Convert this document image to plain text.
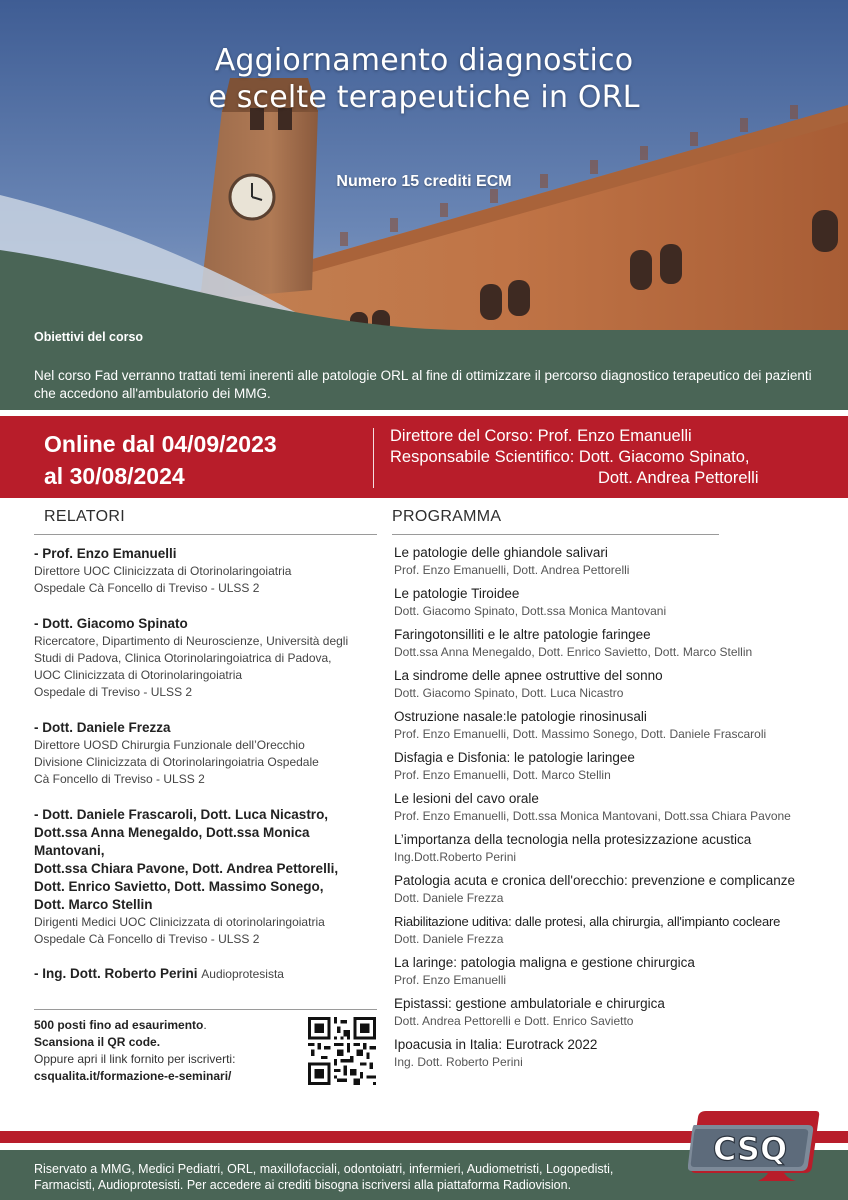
Aggiornamento diagnostico
e scelte terapeutiche in ORL
Numero 15 crediti ECM
Obiettivi del corso
Nel corso Fad verranno trattati temi inerenti alle patologie ORL al fine di ottimizzare il percorso diagnostico terapeutico dei pazienti che accedono all'ambulatorio dei MMG.
Online dal 04/09/2023
al 30/08/2024
Direttore del Corso: Prof. Enzo Emanuelli
Responsabile Scientifico: Dott. Giacomo Spinato,
Dott. Andrea Pettorelli
RELATORI	PROGRAMMA
- Prof. Enzo Emanuelli
Direttore UOC Clinicizzata di Otorinolaringoiatria
Ospedale Cà Foncello di Treviso - ULSS 2
- Dott. Giacomo Spinato
Ricercatore, Dipartimento di Neuroscienze, Università degli
Studi di Padova, Clinica Otorinolaringoiatrica di Padova,
UOC Clinicizzata di Otorinolaringoiatria
Ospedale di Treviso - ULSS 2
- Dott. Daniele Frezza
Direttore UOSD Chirurgia Funzionale dell’Orecchio
Divisione Clinicizzata di Otorinolaringoiatria Ospedale
Cà Foncello di Treviso - ULSS 2
- Dott. Daniele Frascaroli, Dott. Luca Nicastro,
Dott.ssa Anna Menegaldo, Dott.ssa Monica Mantovani,
Dott.ssa Chiara Pavone, Dott. Andrea Pettorelli,
Dott. Enrico Savietto, Dott. Massimo Sonego,
Dott. Marco Stellin
Dirigenti Medici UOC Clinicizzata di otorinolaringoiatria
Ospedale Cà Foncello di Treviso - ULSS 2
- Ing. Dott. Roberto Perini Audioprotesista
Le patologie delle ghiandole salivari
Prof. Enzo Emanuelli, Dott. Andrea Pettorelli
Le patologie Tiroidee
Dott. Giacomo Spinato, Dott.ssa Monica Mantovani
Faringotonsilliti e le altre patologie faringee
Dott.ssa Anna Menegaldo, Dott. Enrico Savietto, Dott. Marco Stellin
La sindrome delle apnee ostruttive del sonno
Dott. Giacomo Spinato, Dott. Luca Nicastro
Ostruzione nasale:le patologie rinosinusali
Prof. Enzo Emanuelli, Dott. Massimo Sonego, Dott. Daniele Frascaroli
Disfagia e Disfonia: le patologie laringee
Prof. Enzo Emanuelli, Dott. Marco Stellin
Le lesioni del cavo orale
Prof. Enzo Emanuelli, Dott.ssa Monica Mantovani, Dott.ssa Chiara Pavone
L’importanza della tecnologia nella protesizzazione acustica
Ing.Dott.Roberto Perini
Patologia acuta e cronica dell'orecchio: prevenzione e complicanze
Dott. Daniele Frezza
Riabilitazione uditiva: dalle protesi, alla chirurgia, all'impianto cocleare
Dott. Daniele Frezza
La laringe: patologia maligna e gestione chirurgica
Prof. Enzo Emanuelli
Epistassi: gestione ambulatoriale e chirurgica
Dott. Andrea Pettorelli e Dott. Enrico Savietto
Ipoacusia in Italia: Eurotrack 2022
Ing. Dott. Roberto Perini
500 posti fino ad esaurimento.
Scansiona il QR code.
Oppure apri il link fornito per iscriverti:
csqualita.it/formazione-e-seminari/
CSQ
Riservato a MMG, Medici Pediatri, ORL, maxillofacciali, odontoiatri, infermieri, Audiometristi, Logopedisti,
Farmacisti, Audioprotesisti. Per accedere ai crediti bisogna iscriversi alla piattaforma Radiovision.
